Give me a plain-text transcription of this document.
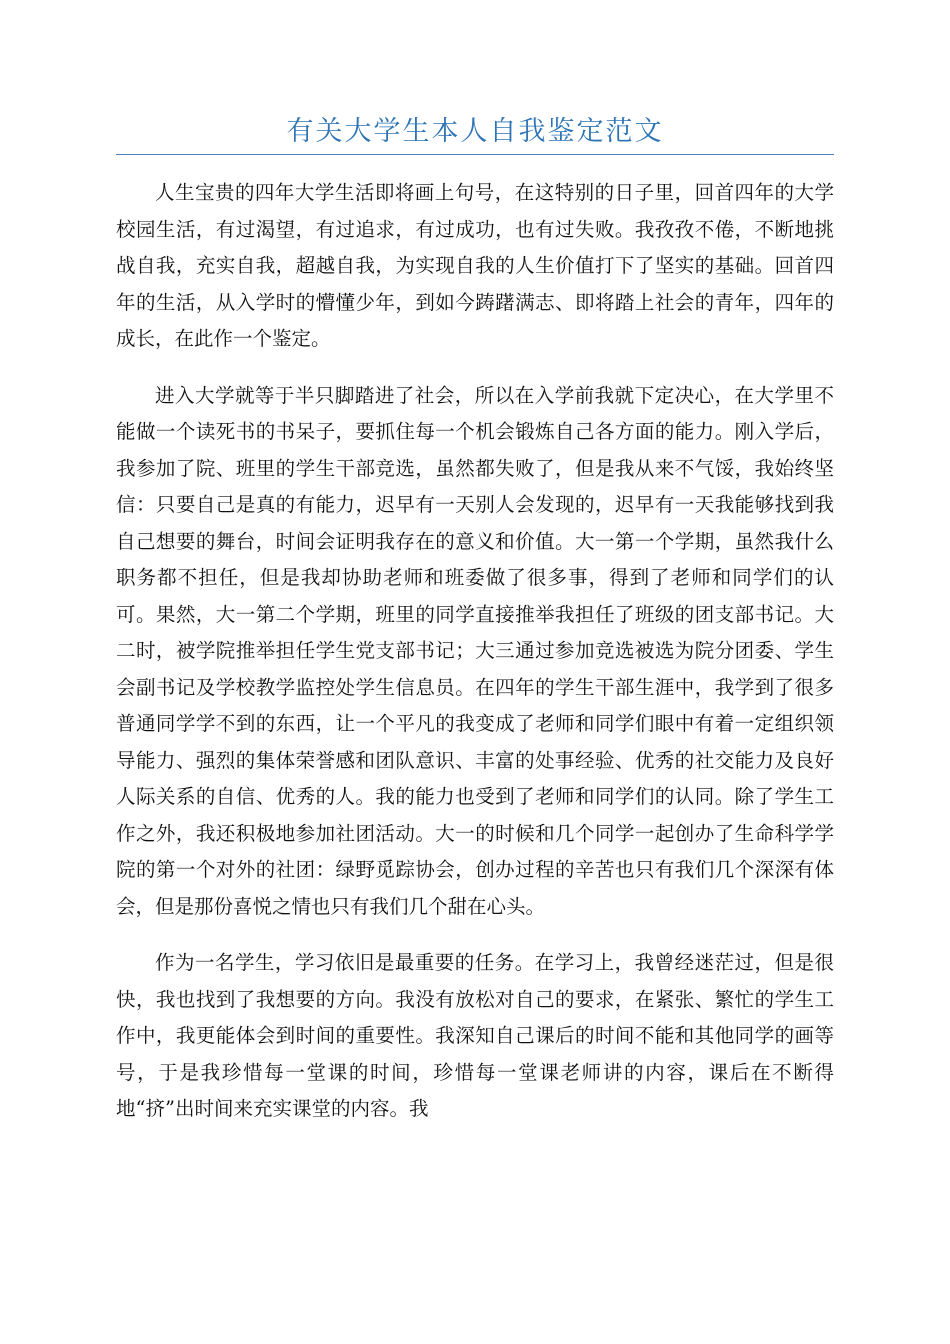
有关大学生本人自我鉴定范文

人生宝贵的四年大学生活即将画上句号，在这特别的日子里，回首四年的大学校园生活，有过渴望，有过追求，有过成功，也有过失败。我孜孜不倦，不断地挑战自我，充实自我，超越自我，为实现自我的人生价值打下了坚实的基础。回首四年的生活，从入学时的懵懂少年，到如今踌躇满志、即将踏上社会的青年，四年的成长，在此作一个鉴定。

进入大学就等于半只脚踏进了社会，所以在入学前我就下定决心，在大学里不能做一个读死书的书呆子，要抓住每一个机会锻炼自己各方面的能力。刚入学后，我参加了院、班里的学生干部竞选，虽然都失败了，但是我从来不气馁，我始终坚信：只要自己是真的有能力，迟早有一天别人会发现的，迟早有一天我能够找到我自己想要的舞台，时间会证明我存在的意义和价值。大一第一个学期，虽然我什么职务都不担任，但是我却协助老师和班委做了很多事，得到了老师和同学们的认可。果然，大一第二个学期，班里的同学直接推举我担任了班级的团支部书记。大二时，被学院推举担任学生党支部书记；大三通过参加竞选被选为院分团委、学生会副书记及学校教学监控处学生信息员。在四年的学生干部生涯中，我学到了很多普通同学学不到的东西，让一个平凡的我变成了老师和同学们眼中有着一定组织领导能力、强烈的集体荣誉感和团队意识、丰富的处事经验、优秀的社交能力及良好人际关系的自信、优秀的人。我的能力也受到了老师和同学们的认同。除了学生工作之外，我还积极地参加社团活动。大一的时候和几个同学一起创办了生命科学学院的第一个对外的社团：绿野觅踪协会，创办过程的辛苦也只有我们几个深深有体会，但是那份喜悦之情也只有我们几个甜在心头。

作为一名学生，学习依旧是最重要的任务。在学习上，我曾经迷茫过，但是很快，我也找到了我想要的方向。我没有放松对自己的要求，在紧张、繁忙的学生工作中，我更能体会到时间的重要性。我深知自己课后的时间不能和其他同学的画等号，于是我珍惜每一堂课的时间，珍惜每一堂课老师讲的内容，课后在不断得地“挤”出时间来充实课堂的内容。我
